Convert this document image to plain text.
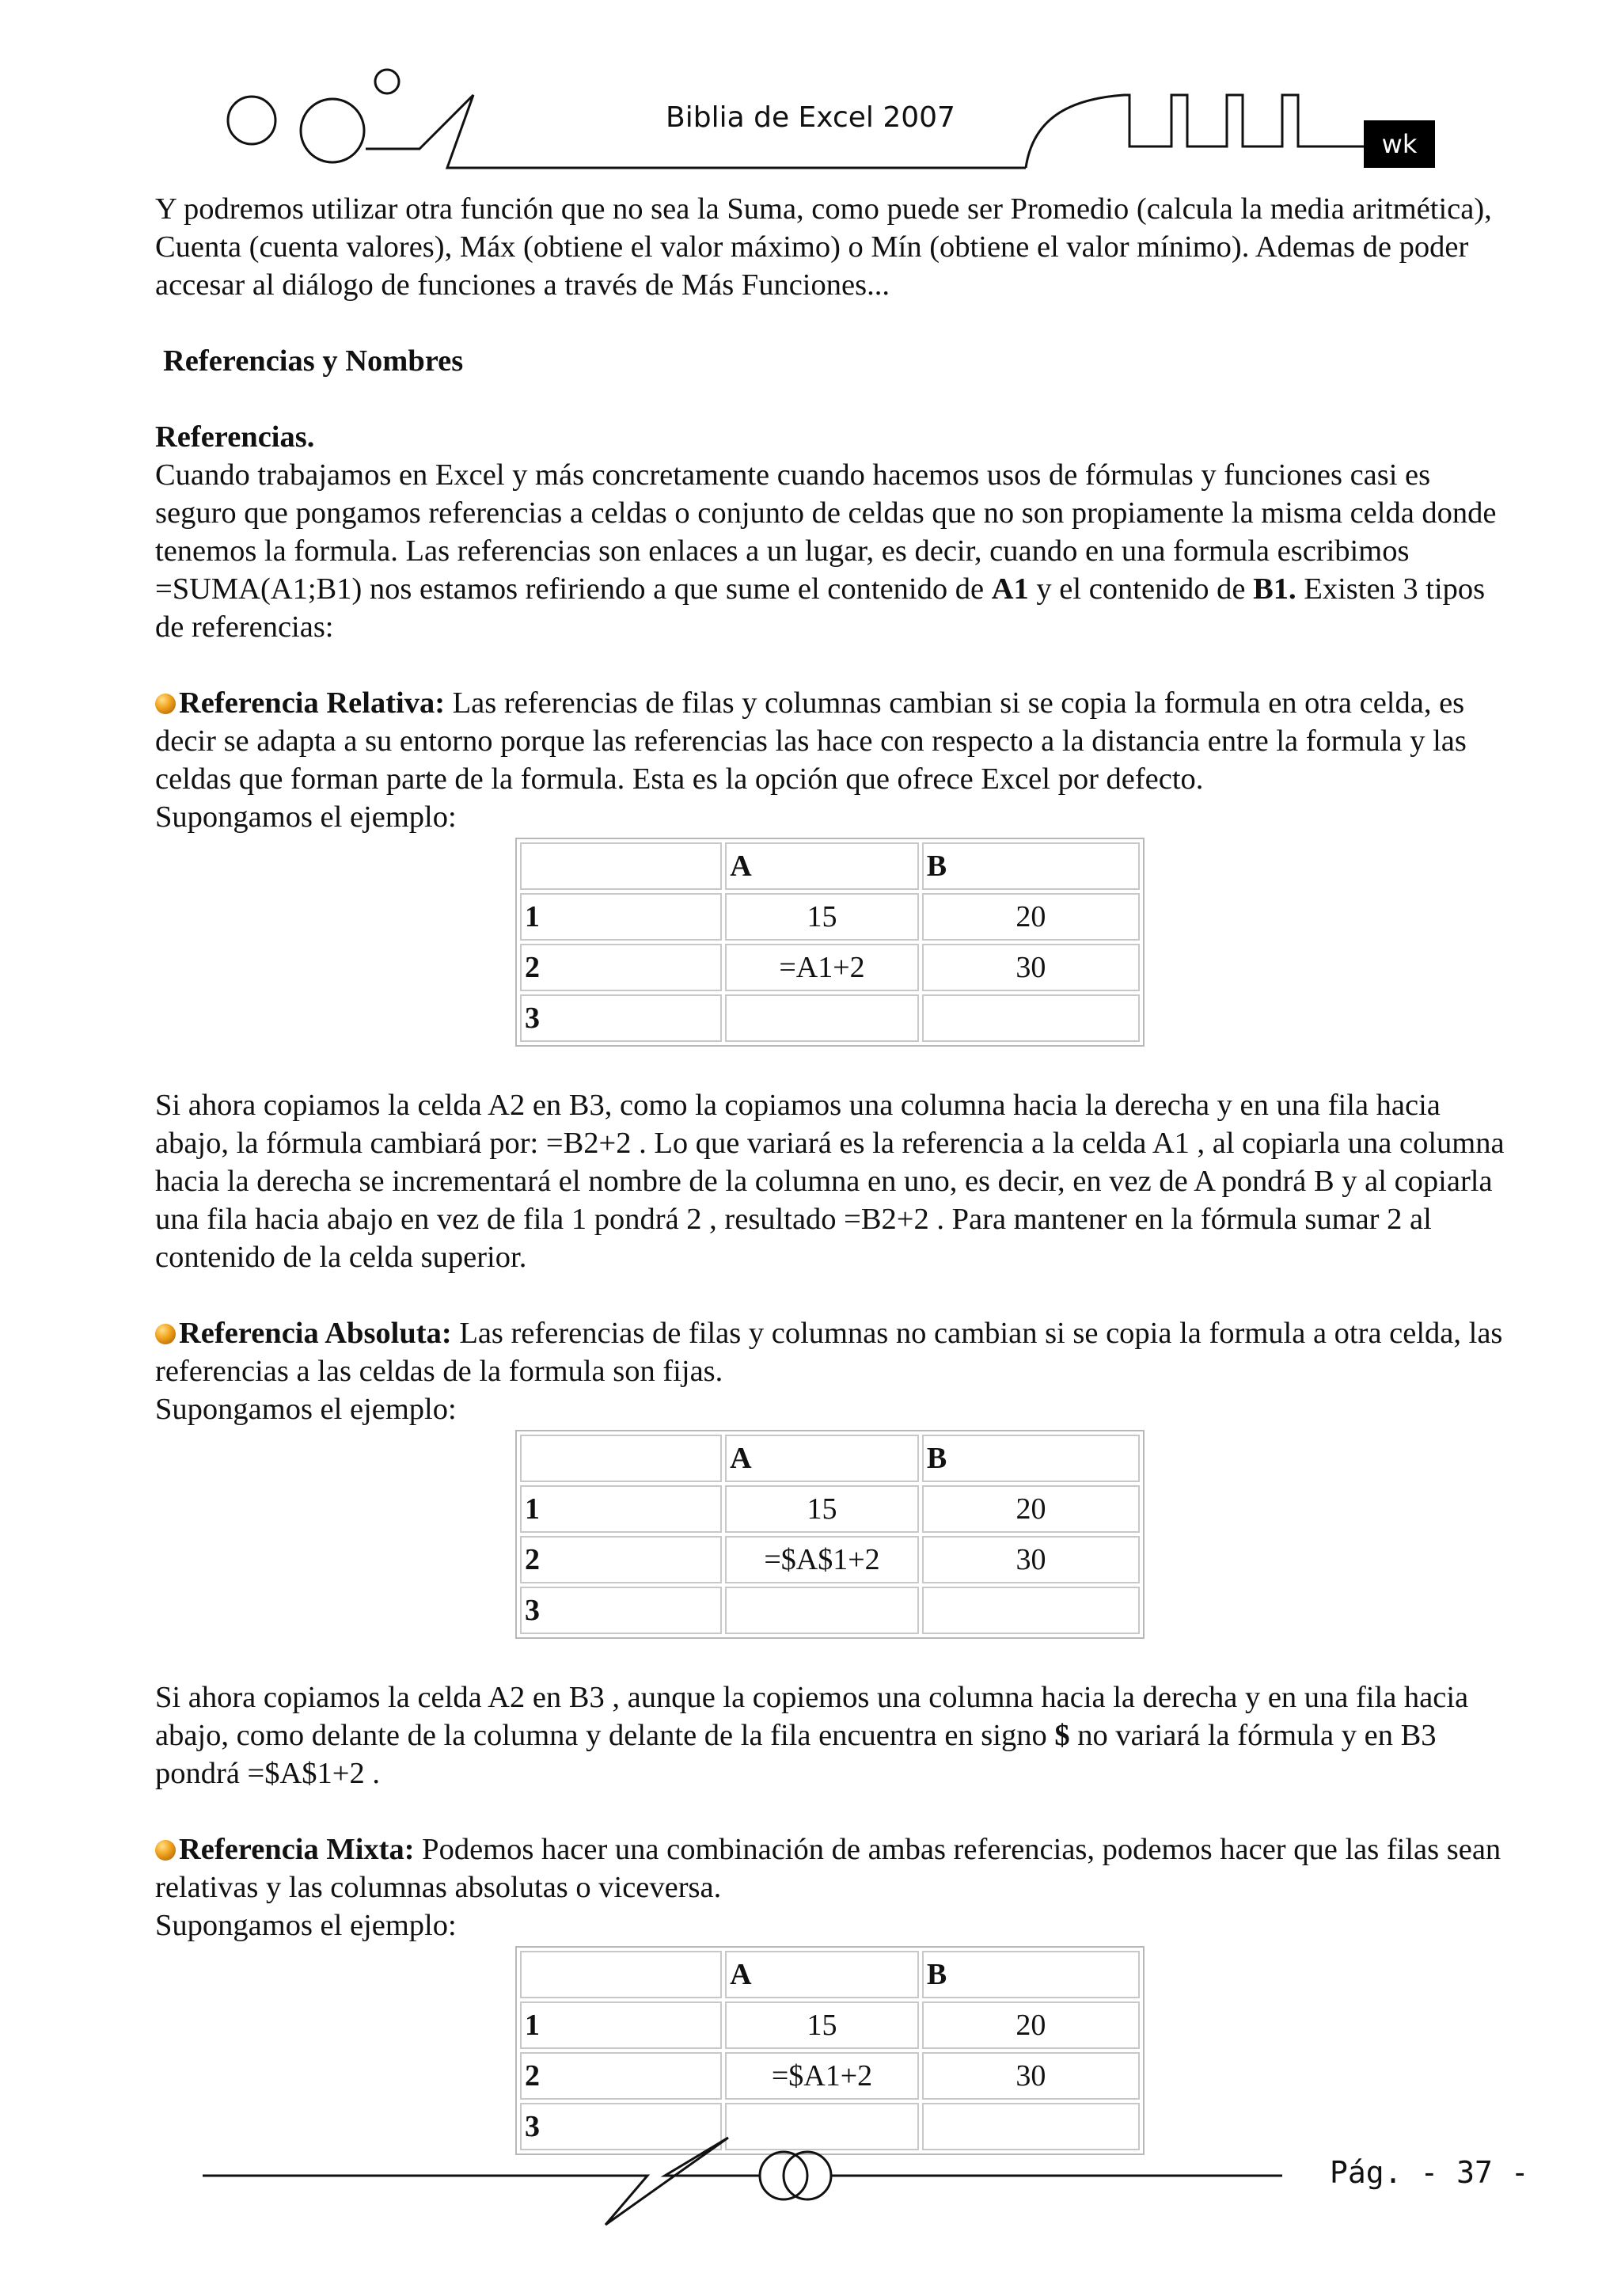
Biblia de Excel 2007
wk

Y podremos utilizar otra función que no sea la Suma, como puede ser Promedio (calcula la media aritmética), Cuenta (cuenta valores), Máx (obtiene el valor máximo) o Mín (obtiene el valor mínimo). Ademas de poder accesar al diálogo de funciones a través de Más Funciones...

Referencias y Nombres

Referencias.

Cuando trabajamos en Excel y más concretamente cuando hacemos usos de fórmulas y funciones casi es seguro que pongamos referencias a celdas o conjunto de celdas que no son propiamente la misma celda donde tenemos la formula. Las referencias son enlaces a un lugar, es decir, cuando en una formula escribimos =SUMA(A1;B1) nos estamos refiriendo a que sume el contenido de A1 y el contenido de B1. Existen 3 tipos de referencias:

Referencia Relativa: Las referencias de filas y columnas cambian si se copia la formula en otra celda, es decir se adapta a su entorno porque las referencias las hace con respecto a la distancia entre la formula y las celdas que forman parte de la formula. Esta es la opción que ofrece Excel por defecto.

Supongamos el ejemplo:

	A	B
1	15	20
2	=A1+2	30
3		

Si ahora copiamos la celda A2 en B3, como la copiamos una columna hacia la derecha y en una fila hacia abajo, la fórmula cambiará por: =B2+2 . Lo que variará es la referencia a la celda A1 , al copiarla una columna hacia la derecha se incrementará el nombre de la columna en uno, es decir, en vez de A pondrá B y al copiarla una fila hacia abajo en vez de fila 1 pondrá 2 , resultado =B2+2 . Para mantener en la fórmula sumar 2 al contenido de la celda superior.

Referencia Absoluta: Las referencias de filas y columnas no cambian si se copia la formula a otra celda, las referencias a las celdas de la formula son fijas.

Supongamos el ejemplo:

	A	B
1	15	20
2	=$A$1+2	30
3		

Si ahora copiamos la celda A2 en B3 , aunque la copiemos una columna hacia la derecha y en una fila hacia abajo, como delante de la columna y delante de la fila encuentra en signo $ no variará la fórmula y en B3 pondrá =$A$1+2 .

Referencia Mixta: Podemos hacer una combinación de ambas referencias, podemos hacer que las filas sean relativas y las columnas absolutas o viceversa.

Supongamos el ejemplo:

	A	B
1	15	20
2	=$A1+2	30
3		
Pág. - 37 -
